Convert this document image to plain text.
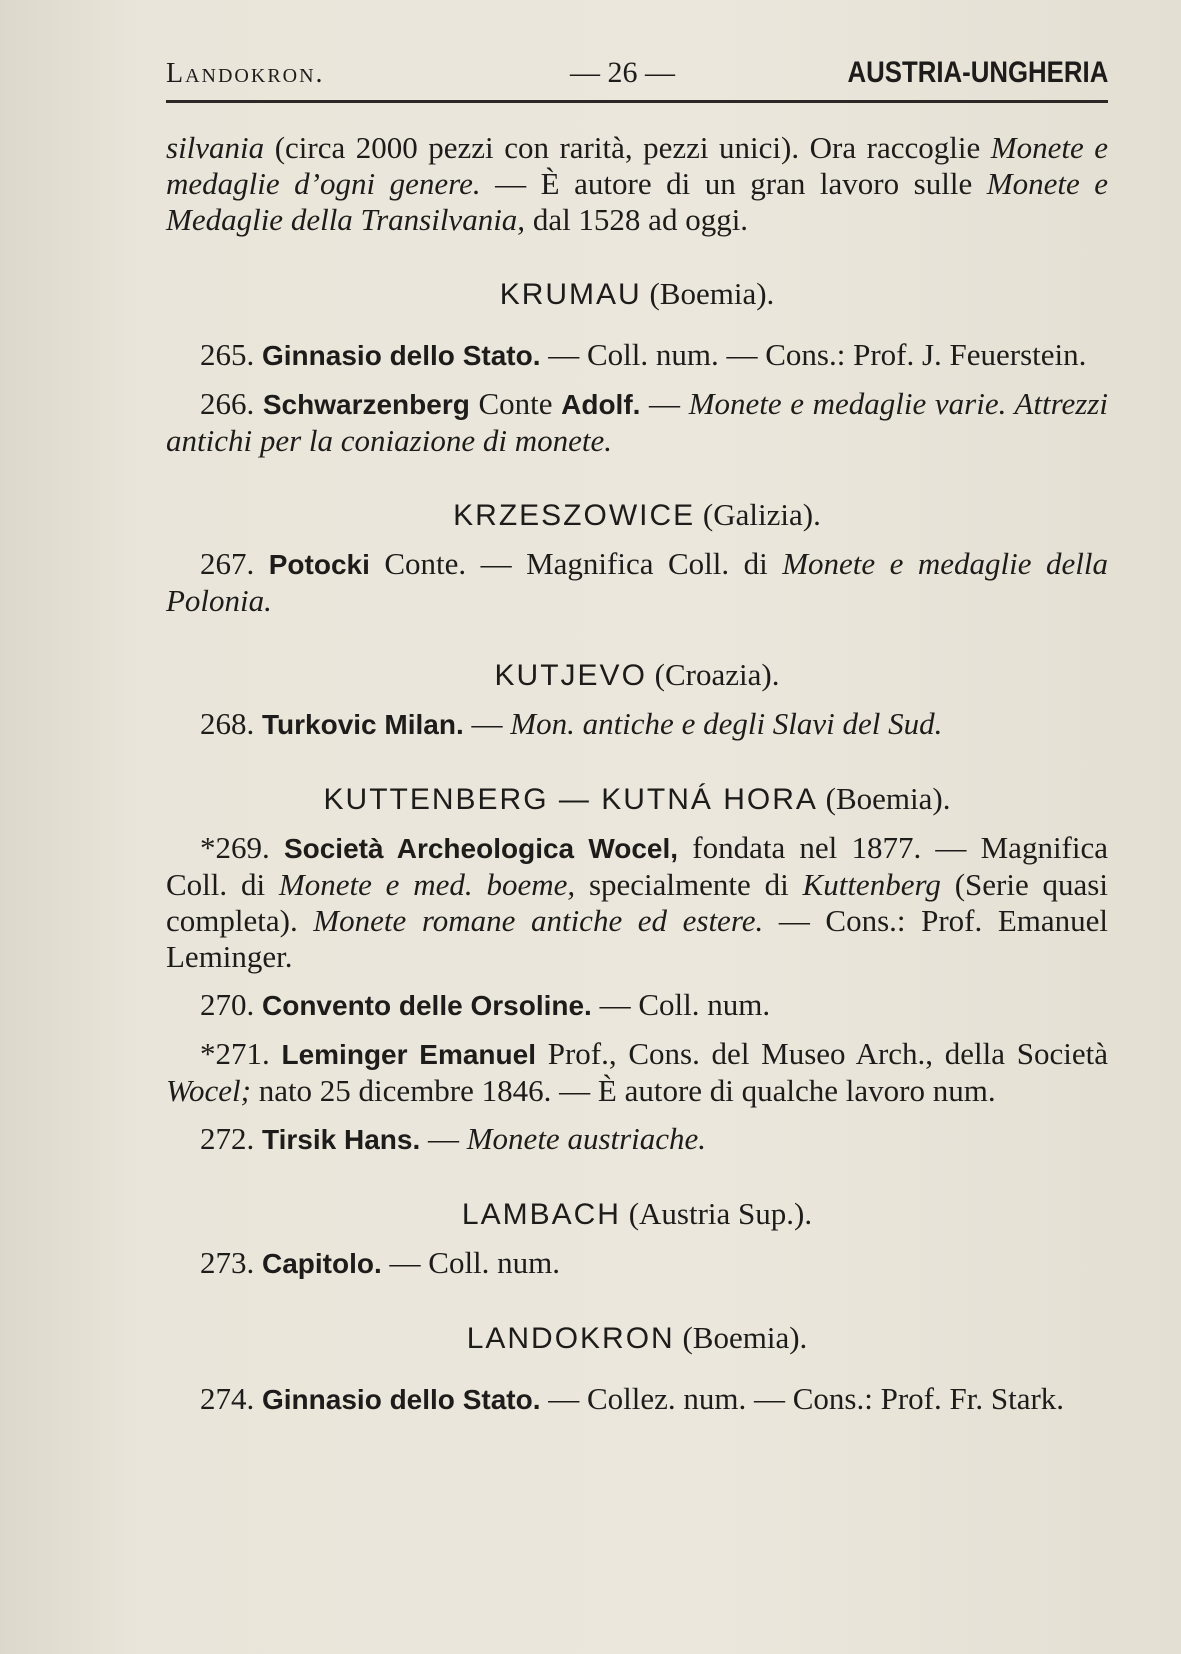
Landokron.	— 26 —	AUSTRIA-UNGHERIA

silvania (circa 2000 pezzi con rarità, pezzi unici). Ora raccoglie Monete e medaglie d’ogni genere. — È autore di un gran lavoro sulle Monete e Medaglie della Transilvania, dal 1528 ad oggi.

KRUMAU (Boemia).

265. Ginnasio dello Stato. — Coll. num. — Cons.: Prof. J. Feuerstein.

266. Schwarzenberg Conte Adolf. — Monete e medaglie varie. Attrezzi antichi per la coniazione di monete.

KRZESZOWICE (Galizia).

267. Potocki Conte. — Magnifica Coll. di Monete e medaglie della Polonia.

KUTJEVO (Croazia).

268. Turkovic Milan. — Mon. antiche e degli Slavi del Sud.

KUTTENBERG — KUTNÁ HORA (Boemia).

*269. Società Archeologica Wocel, fondata nel 1877. — Magnifica Coll. di Monete e med. boeme, specialmente di Kuttenberg (Serie quasi completa). Monete romane antiche ed estere. — Cons.: Prof. Emanuel Leminger.

270. Convento delle Orsoline. — Coll. num.

*271. Leminger Emanuel Prof., Cons. del Museo Arch., della Società Wocel; nato 25 dicembre 1846. — È autore di qualche lavoro num.

272. Tirsik Hans. — Monete austriache.

LAMBACH (Austria Sup.).

273. Capitolo. — Coll. num.

LANDOKRON (Boemia).

274. Ginnasio dello Stato. — Collez. num. — Cons.: Prof. Fr. Stark.
